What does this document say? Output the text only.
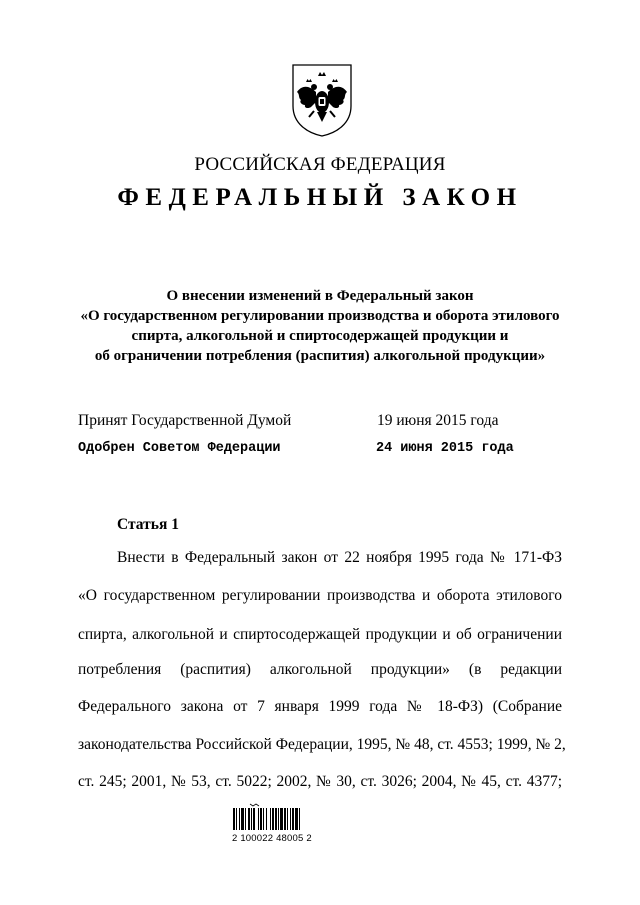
РОССИЙСКАЯ ФЕДЕРАЦИЯ
ФЕДЕРАЛЬНЫЙ ЗАКОН
О внесении изменений в Федеральный закон
«О государственном регулировании производства и оборота этилового
спирта, алкогольной и спиртосодержащей продукции и
об ограничении потребления (распития) алкогольной продукции»
Принят Государственной Думой	19 июня 2015 года
Одобрен Советом Федерации	24 июня 2015 года
Статья 1
Внести в Федеральный закон от 22 ноября 1995 года № 171-ФЗ
«О государственном регулировании производства и оборота этилового
спирта, алкогольной и спиртосодержащей продукции и об ограничении
потребления (распития) алкогольной продукции» (в редакции
Федерального закона от 7 января 1999 года № 18-ФЗ) (Собрание
законодательства Российской Федерации, 1995, № 48, ст. 4553; 1999, № 2,
ст. 245; 2001, № 53, ст. 5022; 2002, № 30, ст. 3026; 2004, № 45, ст. 4377;
2 100022 48005 2
